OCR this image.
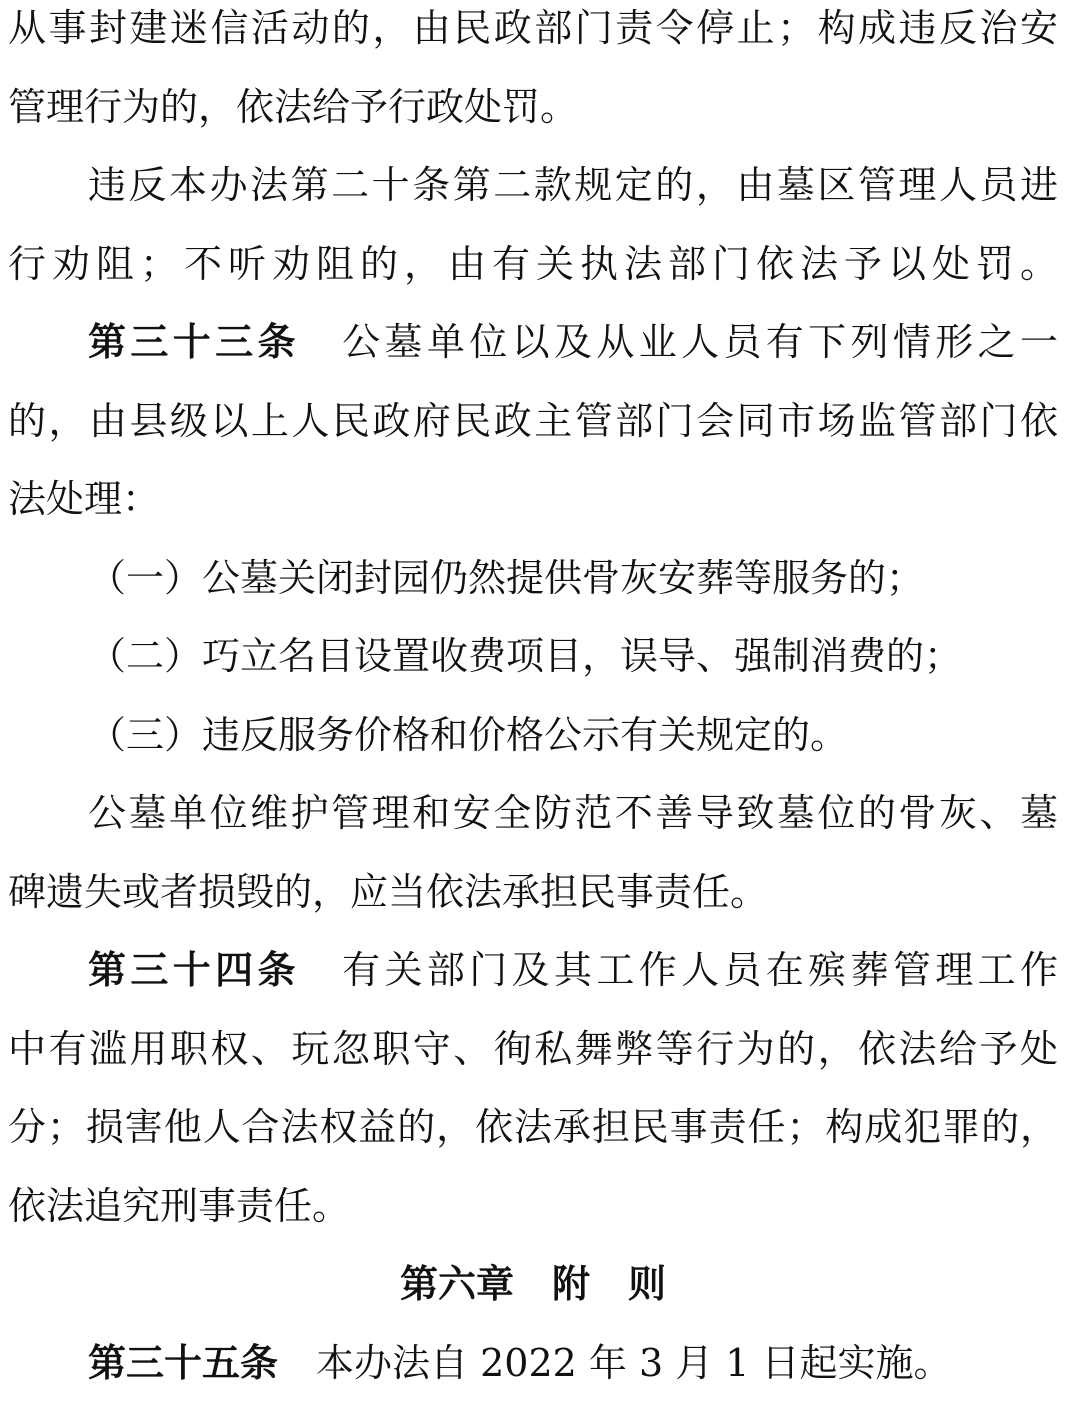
从事封建迷信活动的，由民政部门责令停止；构成违反治安
管理行为的，依法给予行政处罚。
违反本办法第二十条第二款规定的，由墓区管理人员进
行劝阻；不听劝阻的，由有关执法部门依法予以处罚。
第三十三条　公墓单位以及从业人员有下列情形之一
的，由县级以上人民政府民政主管部门会同市场监管部门依
法处理：
（一）公墓关闭封园仍然提供骨灰安葬等服务的；
（二）巧立名目设置收费项目，误导、强制消费的；
（三）违反服务价格和价格公示有关规定的。
公墓单位维护管理和安全防范不善导致墓位的骨灰、墓
碑遗失或者损毁的，应当依法承担民事责任。
第三十四条　有关部门及其工作人员在殡葬管理工作
中有滥用职权、玩忽职守、徇私舞弊等行为的，依法给予处
分；损害他人合法权益的，依法承担民事责任；构成犯罪的，
依法追究刑事责任。
第六章　附　则
第三十五条　本办法自 2022 年 3 月 1 日起实施。
